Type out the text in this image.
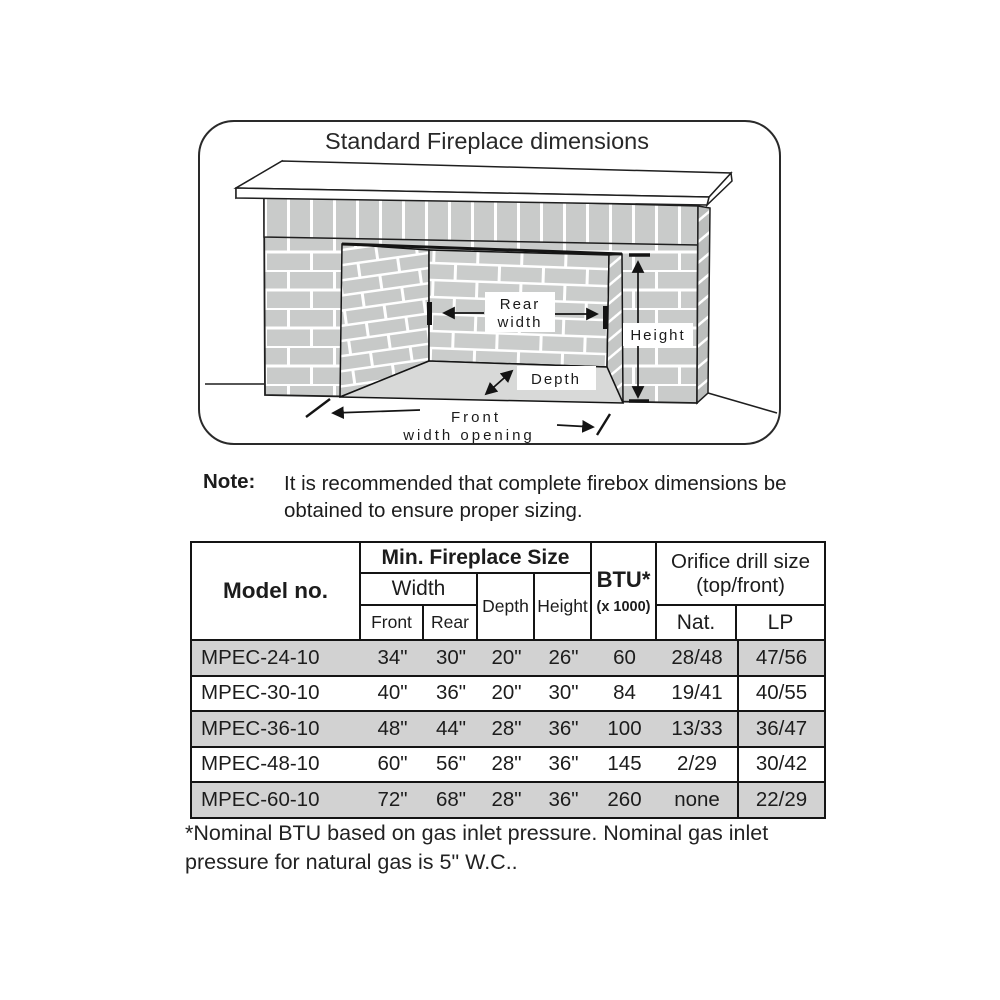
Standard Fireplace dimensions
Rear
width
Height
Depth
Front
width opening
Note: It is recommended that complete firebox dimensions be obtained to ensure proper sizing.
Model no.
Min. Fireplace Size
Width
Front	Rear
Depth Height
BTU*
(x 1000)
Orifice drill size
(top/front)
Nat.	LP
MPEC-24-10	34"	30"	20"	26"	60	28/48	47/56
MPEC-30-10	40"	36"	20"	30"	84	19/41	40/55
MPEC-36-10	48"	44"	28"	36"	100	13/33	36/47
MPEC-48-10	60"	56"	28"	36"	145	2/29	30/42
MPEC-60-10	72"	68"	28"	36"	260	none	22/29
*Nominal BTU based on gas inlet pressure. Nominal gas inlet pressure for natural gas is 5" W.C..
